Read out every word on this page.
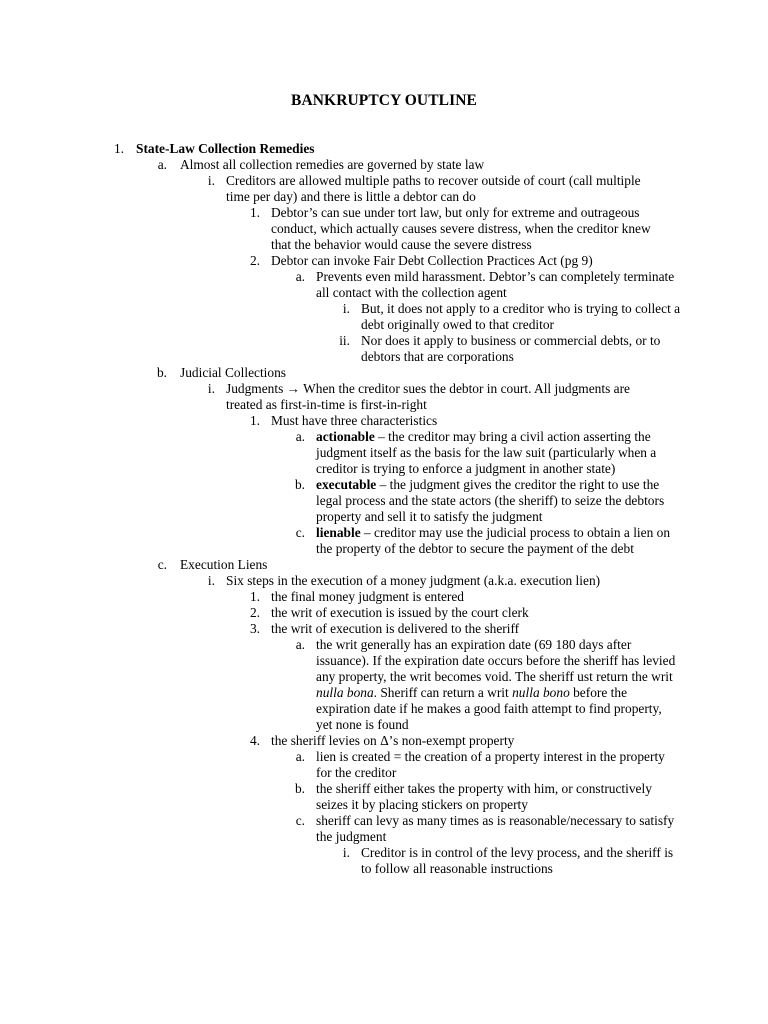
BANKRUPTCY OUTLINE
1. State-Law Collection Remedies
a. Almost all collection remedies are governed by state law
i. Creditors are allowed multiple paths to recover outside of court (call multiple time per day) and there is little a debtor can do
1. Debtor’s can sue under tort law, but only for extreme and outrageous conduct, which actually causes severe distress, when the creditor knew that the behavior would cause the severe distress
2. Debtor can invoke Fair Debt Collection Practices Act (pg 9)
a. Prevents even mild harassment. Debtor’s can completely terminate all contact with the collection agent
i. But, it does not apply to a creditor who is trying to collect a debt originally owed to that creditor
ii. Nor does it apply to business or commercial debts, or to debtors that are corporations
b. Judicial Collections
i. Judgments → When the creditor sues the debtor in court. All judgments are treated as first-in-time is first-in-right
1. Must have three characteristics
a. actionable – the creditor may bring a civil action asserting the judgment itself as the basis for the law suit (particularly when a creditor is trying to enforce a judgment in another state)
b. executable – the judgment gives the creditor the right to use the legal process and the state actors (the sheriff) to seize the debtors property and sell it to satisfy the judgment
c. lienable – creditor may use the judicial process to obtain a lien on the property of the debtor to secure the payment of the debt
c. Execution Liens
i. Six steps in the execution of a money judgment (a.k.a. execution lien)
1. the final money judgment is entered
2. the writ of execution is issued by the court clerk
3. the writ of execution is delivered to the sheriff
a. the writ generally has an expiration date (69 180 days after issuance). If the expiration date occurs before the sheriff has levied any property, the writ becomes void. The sheriff ust return the writ nulla bona. Sheriff can return a writ nulla bono before the expiration date if he makes a good faith attempt to find property, yet none is found
4. the sheriff levies on Δ’s non-exempt property
a. lien is created = the creation of a property interest in the property for the creditor
b. the sheriff either takes the property with him, or constructively seizes it by placing stickers on property
c. sheriff can levy as many times as is reasonable/necessary to satisfy the judgment
i. Creditor is in control of the levy process, and the sheriff is to follow all reasonable instructions
